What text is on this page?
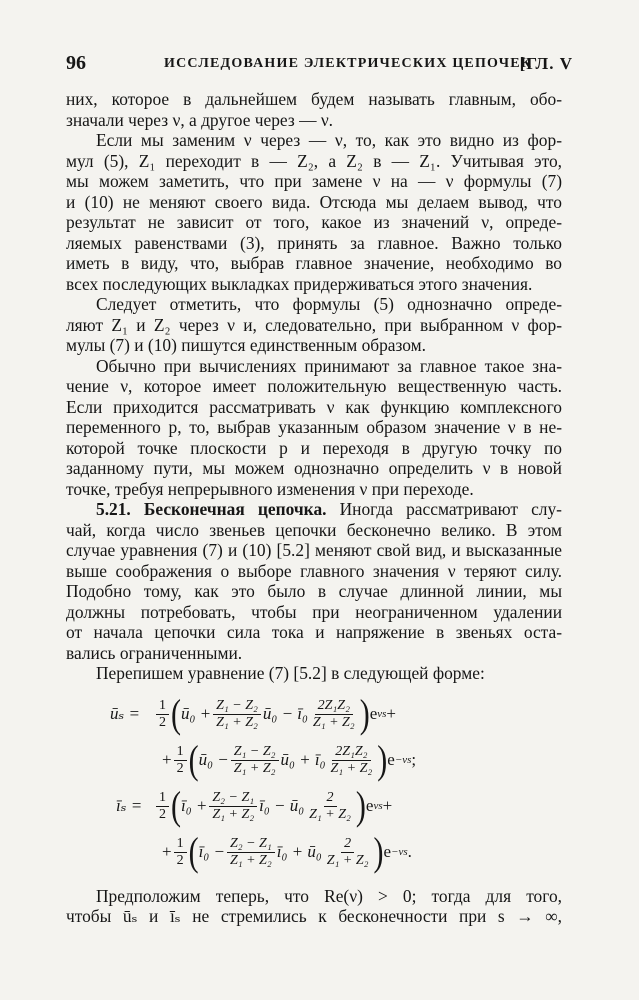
96	ИССЛЕДОВАНИЕ ЭЛЕКТРИЧЕСКИХ ЦЕПОЧЕК
[ГЛ. V
них, которое в дальнейшем будем называть главным, обо-
значали через ν, а другое через — ν.
Если мы заменим ν через — ν, то, как это видно из фор-
мул (5), Z₁ переходит в — Z₂, а Z₂ в — Z₁. Учитывая это,
мы можем заметить, что при замене ν на — ν формулы (7)
и (10) не меняют своего вида. Отсюда мы делаем вывод, что
результат не зависит от того, какое из значений ν, опреде-
ляемых равенствами (3), принять за главное. Важно только
иметь в виду, что, выбрав главное значение, необходимо во
всех последующих выкладках придерживаться этого значения.
Следует отметить, что формулы (5) однозначно опреде-
ляют Z₁ и Z₂ через ν и, следовательно, при выбранном ν фор-
мулы (7) и (10) пишутся единственным образом.
Обычно при вычислениях принимают за главное такое зна-
чение ν, которое имеет положительную вещественную часть.
Если приходится рассматривать ν как функцию комплексного
переменного p, то, выбрав указанным образом значение ν в не-
которой точке плоскости p и переходя в другую точку по
заданному пути, мы можем однозначно определить ν в новой
точке, требуя непрерывного изменения ν при переходе.
5.21. Бесконечная цепочка. Иногда рассматривают слу-
чай, когда число звеньев цепочки бесконечно велико. В этом
случае уравнения (7) и (10) [5.2] меняют свой вид, и высказанные
выше соображения о выборе главного значения ν теряют силу.
Подобно тому, как это было в случае длинной линии, мы
должны потребовать, чтобы при неограниченном удалении
от начала цепочки сила тока и напряжение в звеньях оста-
вались ограниченными.
Перепишем уравнение (7) [5.2] в следующей форме:
ūₛ =	$\frac{1}{2}$ ( ū₀ + $\frac{\text{Z₁ − Z₂}}{\text{Z₁ + Z₂}}$ ū₀ − ī₀ $\frac{\text{2Z₁Z₂}}{\text{Z₁ + Z₂}}$ ) e νs +
+ $\frac{1}{2}$ ( ū₀ − $\frac{\text{Z₁ − Z₂}}{\text{Z₁ + Z₂}}$ ū₀ + ī₀ $\frac{\text{2Z₁Z₂}}{\text{Z₁ + Z₂}}$ ) e −νs ;
īₛ = $\frac{1}{2}$ ( ī₀ + $\frac{\text{Z₂ − Z₁}}{\text{Z₁ + Z₂}}$ ī₀ − ū₀ $\frac{2}{\text{Z₁ + Z₂}}$ ) e νs +
+ $\frac{1}{2}$ ( ī₀ − $\frac{\text{Z₂ − Z₁}}{\text{Z₁ + Z₂}}$ ī₀ + ū₀ $\frac{2}{\text{Z₁ + Z₂}}$ ) e −νs .
Предположим теперь, что Re(ν) > 0; тогда для того,
чтобы ūₛ и īₛ не стремились к бесконечности при s → ∞,
